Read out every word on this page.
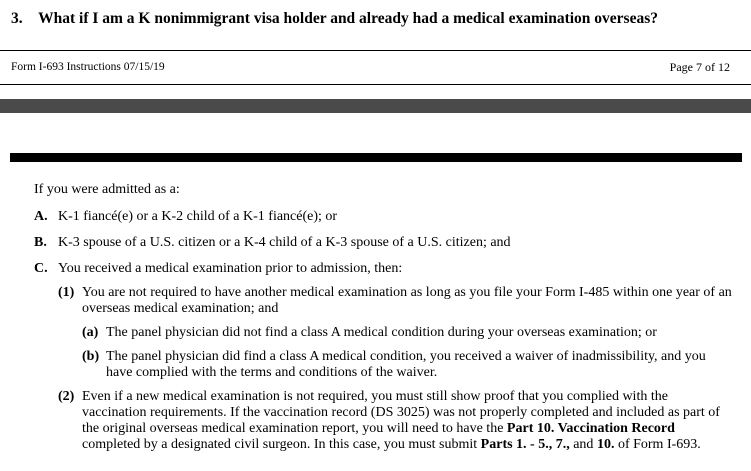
3. What if I am a K nonimmigrant visa holder and already had a medical examination overseas?
Form I-693 Instructions 07/15/19	Page 7 of 12
If you were admitted as a:
A. K-1 fiancé(e) or a K-2 child of a K-1 fiancé(e); or
B. K-3 spouse of a U.S. citizen or a K-4 child of a K-3 spouse of a U.S. citizen; and
C. You received a medical examination prior to admission, then:
(1) You are not required to have another medical examination as long as you file your Form I-485 within one year of an overseas medical examination; and
(a) The panel physician did not find a class A medical condition during your overseas examination; or
(b) The panel physician did find a class A medical condition, you received a waiver of inadmissibility, and you have complied with the terms and conditions of the waiver.
(2) Even if a new medical examination is not required, you must still show proof that you complied with the vaccination requirements. If the vaccination record (DS 3025) was not properly completed and included as part of the original overseas medical examination report, you will need to have the Part 10. Vaccination Record completed by a designated civil surgeon. In this case, you must submit Parts 1. - 5., 7., and 10. of Form I-693.
